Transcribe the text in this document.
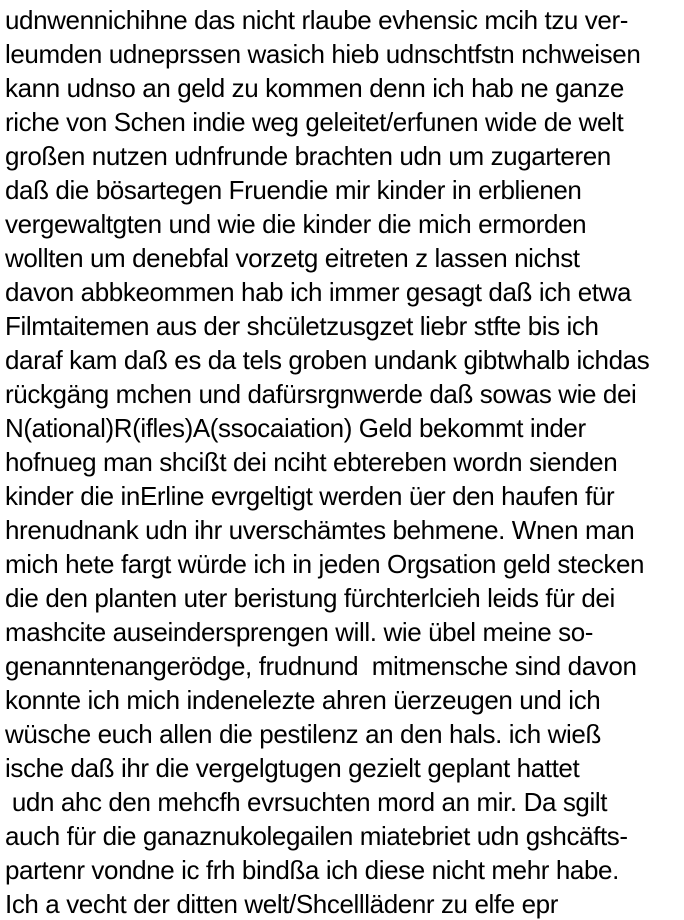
udnwennichihne das nicht rlaube evhensic mcih tzu ver-
leumden udneprssen wasich hieb udnschtfstn nchweisen
kann udnso an geld zu kommen denn ich hab ne ganze
riche von Schen indie weg geleitet/erfunen wide de welt
großen nutzen udnfrunde brachten udn um zugarteren
daß die bösartegen Fruendie mir kinder in erblienen
vergewaltgten und wie die kinder die mich ermorden
wollten um denebfal vorzetg eitreten z lassen nichst
davon abbkeommen hab ich immer gesagt daß ich etwa
Filmtaitemen aus der shcületzusgzet liebr stfte bis ich
daraf kam daß es da tels groben undank gibtwhalb ichdas
rückgäng mchen und dafürsrgnwerde daß sowas wie dei
N(ational)R(ifles)A(ssocaiation) Geld bekommt inder
hofnueg man shcißt dei nciht ebtereben wordn sienden
kinder die inErline evrgeltigt werden üer den haufen für
hrenudnank udn ihr uverschämtes behmene. Wnen man
mich hete fargt würde ich in jeden Orgsation geld stecken
die den planten uter beristung fürchterlcieh leids für dei
mashcite auseindersprengen will. wie übel meine so-
genanntenangerödge, frudnund  mitmensche sind davon
konnte ich mich indenelezte ahren üerzeugen und ich
wüsche euch allen die pestilenz an den hals. ich wieß
ische daß ihr die vergelgtugen gezielt geplant hattet
udn ahc den mehcfh evrsuchten mord an mir. Da sgilt
auch für die ganaznukolegailen miatebriet udn gshcäfts-
partenr vondne ic frh bindßa ich diese nicht mehr habe.
Ich a vecht der ditten welt/Shcelllädenr zu elfe epr
